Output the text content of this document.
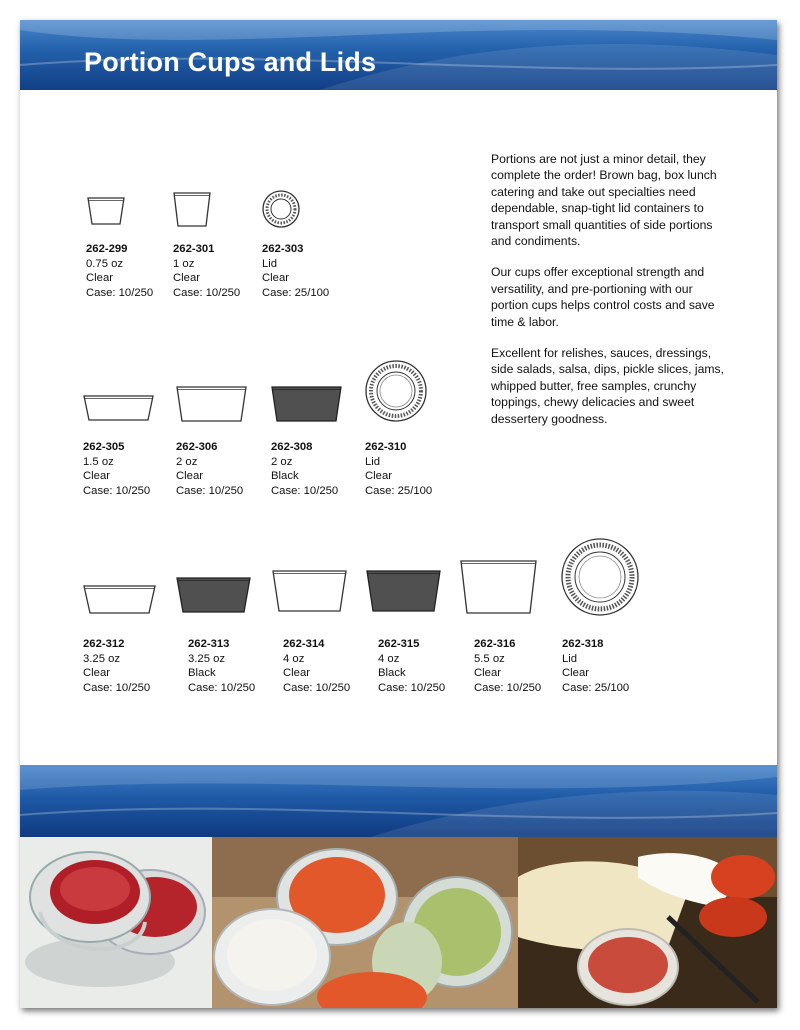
Portion Cups and Lids

Portions are not just a minor detail, they complete the order! Brown bag, box lunch catering and take out specialties need dependable, snap-tight lid containers to transport small quantities of side portions and condiments.

Our cups offer exceptional strength and versatility, and pre-portioning with our portion cups helps control costs and save time & labor.

Excellent for relishes, sauces, dressings, side salads, salsa, dips, pickle slices, jams, whipped butter, free samples, crunchy toppings, chewy delicacies and sweet dessertery goodness.

262-299
0.75 oz
Clear
Case: 10/250
262-301
1 oz
Clear
Case: 10/250
262-303
Lid
Clear
Case: 25/100
262-305
1.5 oz
Clear
Case: 10/250
262-306
2 oz
Clear
Case: 10/250
262-308
2 oz
Black
Case: 10/250
262-310
Lid
Clear
Case: 25/100
262-312
3.25 oz
Clear
Case: 10/250
262-313
3.25 oz
Black
Case: 10/250
262-314
4 oz
Clear
Case: 10/250
262-315
4 oz
Black
Case: 10/250
262-316
5.5 oz
Clear
Case: 10/250
262-318
Lid
Clear
Case: 25/100
